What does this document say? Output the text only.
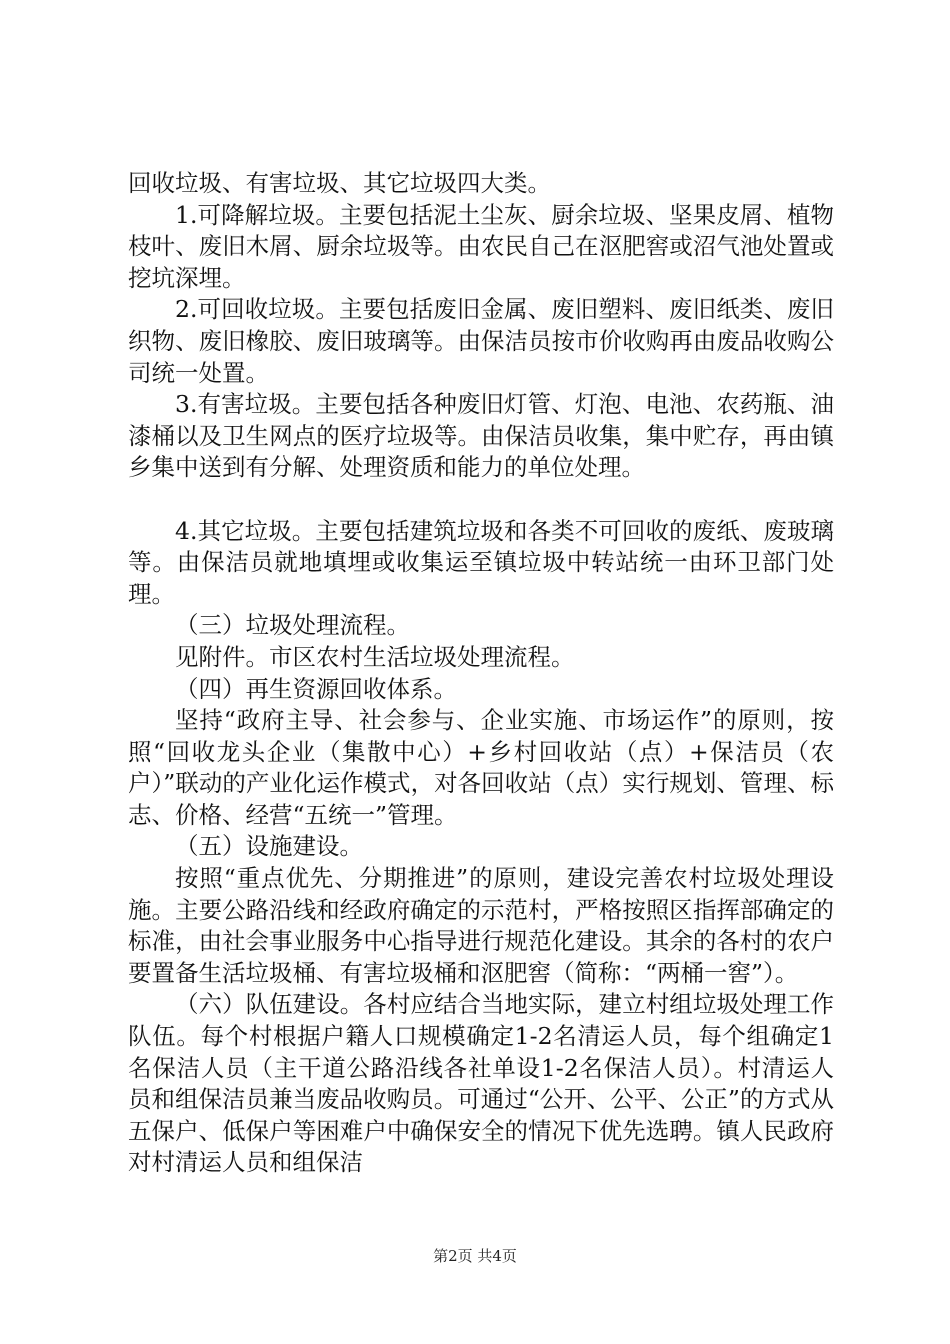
回收垃圾、有害垃圾、其它垃圾四大类。

1.可降解垃圾。主要包括泥土尘灰、厨余垃圾、坚果皮屑、植物枝叶、废旧木屑、厨余垃圾等。由农民自己在沤肥窖或沼气池处置或挖坑深埋。

2.可回收垃圾。主要包括废旧金属、废旧塑料、废旧纸类、废旧织物、废旧橡胶、废旧玻璃等。由保洁员按市价收购再由废品收购公司统一处置。

3.有害垃圾。主要包括各种废旧灯管、灯泡、电池、农药瓶、油漆桶以及卫生网点的医疗垃圾等。由保洁员收集，集中贮存，再由镇乡集中送到有分解、处理资质和能力的单位处理。

4.其它垃圾。主要包括建筑垃圾和各类不可回收的废纸、废玻璃等。由保洁员就地填埋或收集运至镇垃圾中转站统一由环卫部门处理。

（三）垃圾处理流程。

见附件。市区农村生活垃圾处理流程。

（四）再生资源回收体系。

坚持“政府主导、社会参与、企业实施、市场运作”的原则，按照“回收龙头企业（集散中心）+乡村回收站（点）+保洁员（农户）”联动的产业化运作模式，对各回收站（点）实行规划、管理、标志、价格、经营“五统一”管理。

（五）设施建设。

按照“重点优先、分期推进”的原则，建设完善农村垃圾处理设施。主要公路沿线和经政府确定的示范村，严格按照区指挥部确定的标准，由社会事业服务中心指导进行规范化建设。其余的各村的农户要置备生活垃圾桶、有害垃圾桶和沤肥窖（简称：“两桶一窖”）。

（六）队伍建设。各村应结合当地实际，建立村组垃圾处理工作队伍。每个村根据户籍人口规模确定1-2名清运人员，每个组确定1名保洁人员（主干道公路沿线各社单设1-2名保洁人员）。村清运人员和组保洁员兼当废品收购员。可通过“公开、公平、公正”的方式从五保户、低保户等困难户中确保安全的情况下优先选聘。镇人民政府对村清运人员和组保洁

第2页 共4页
